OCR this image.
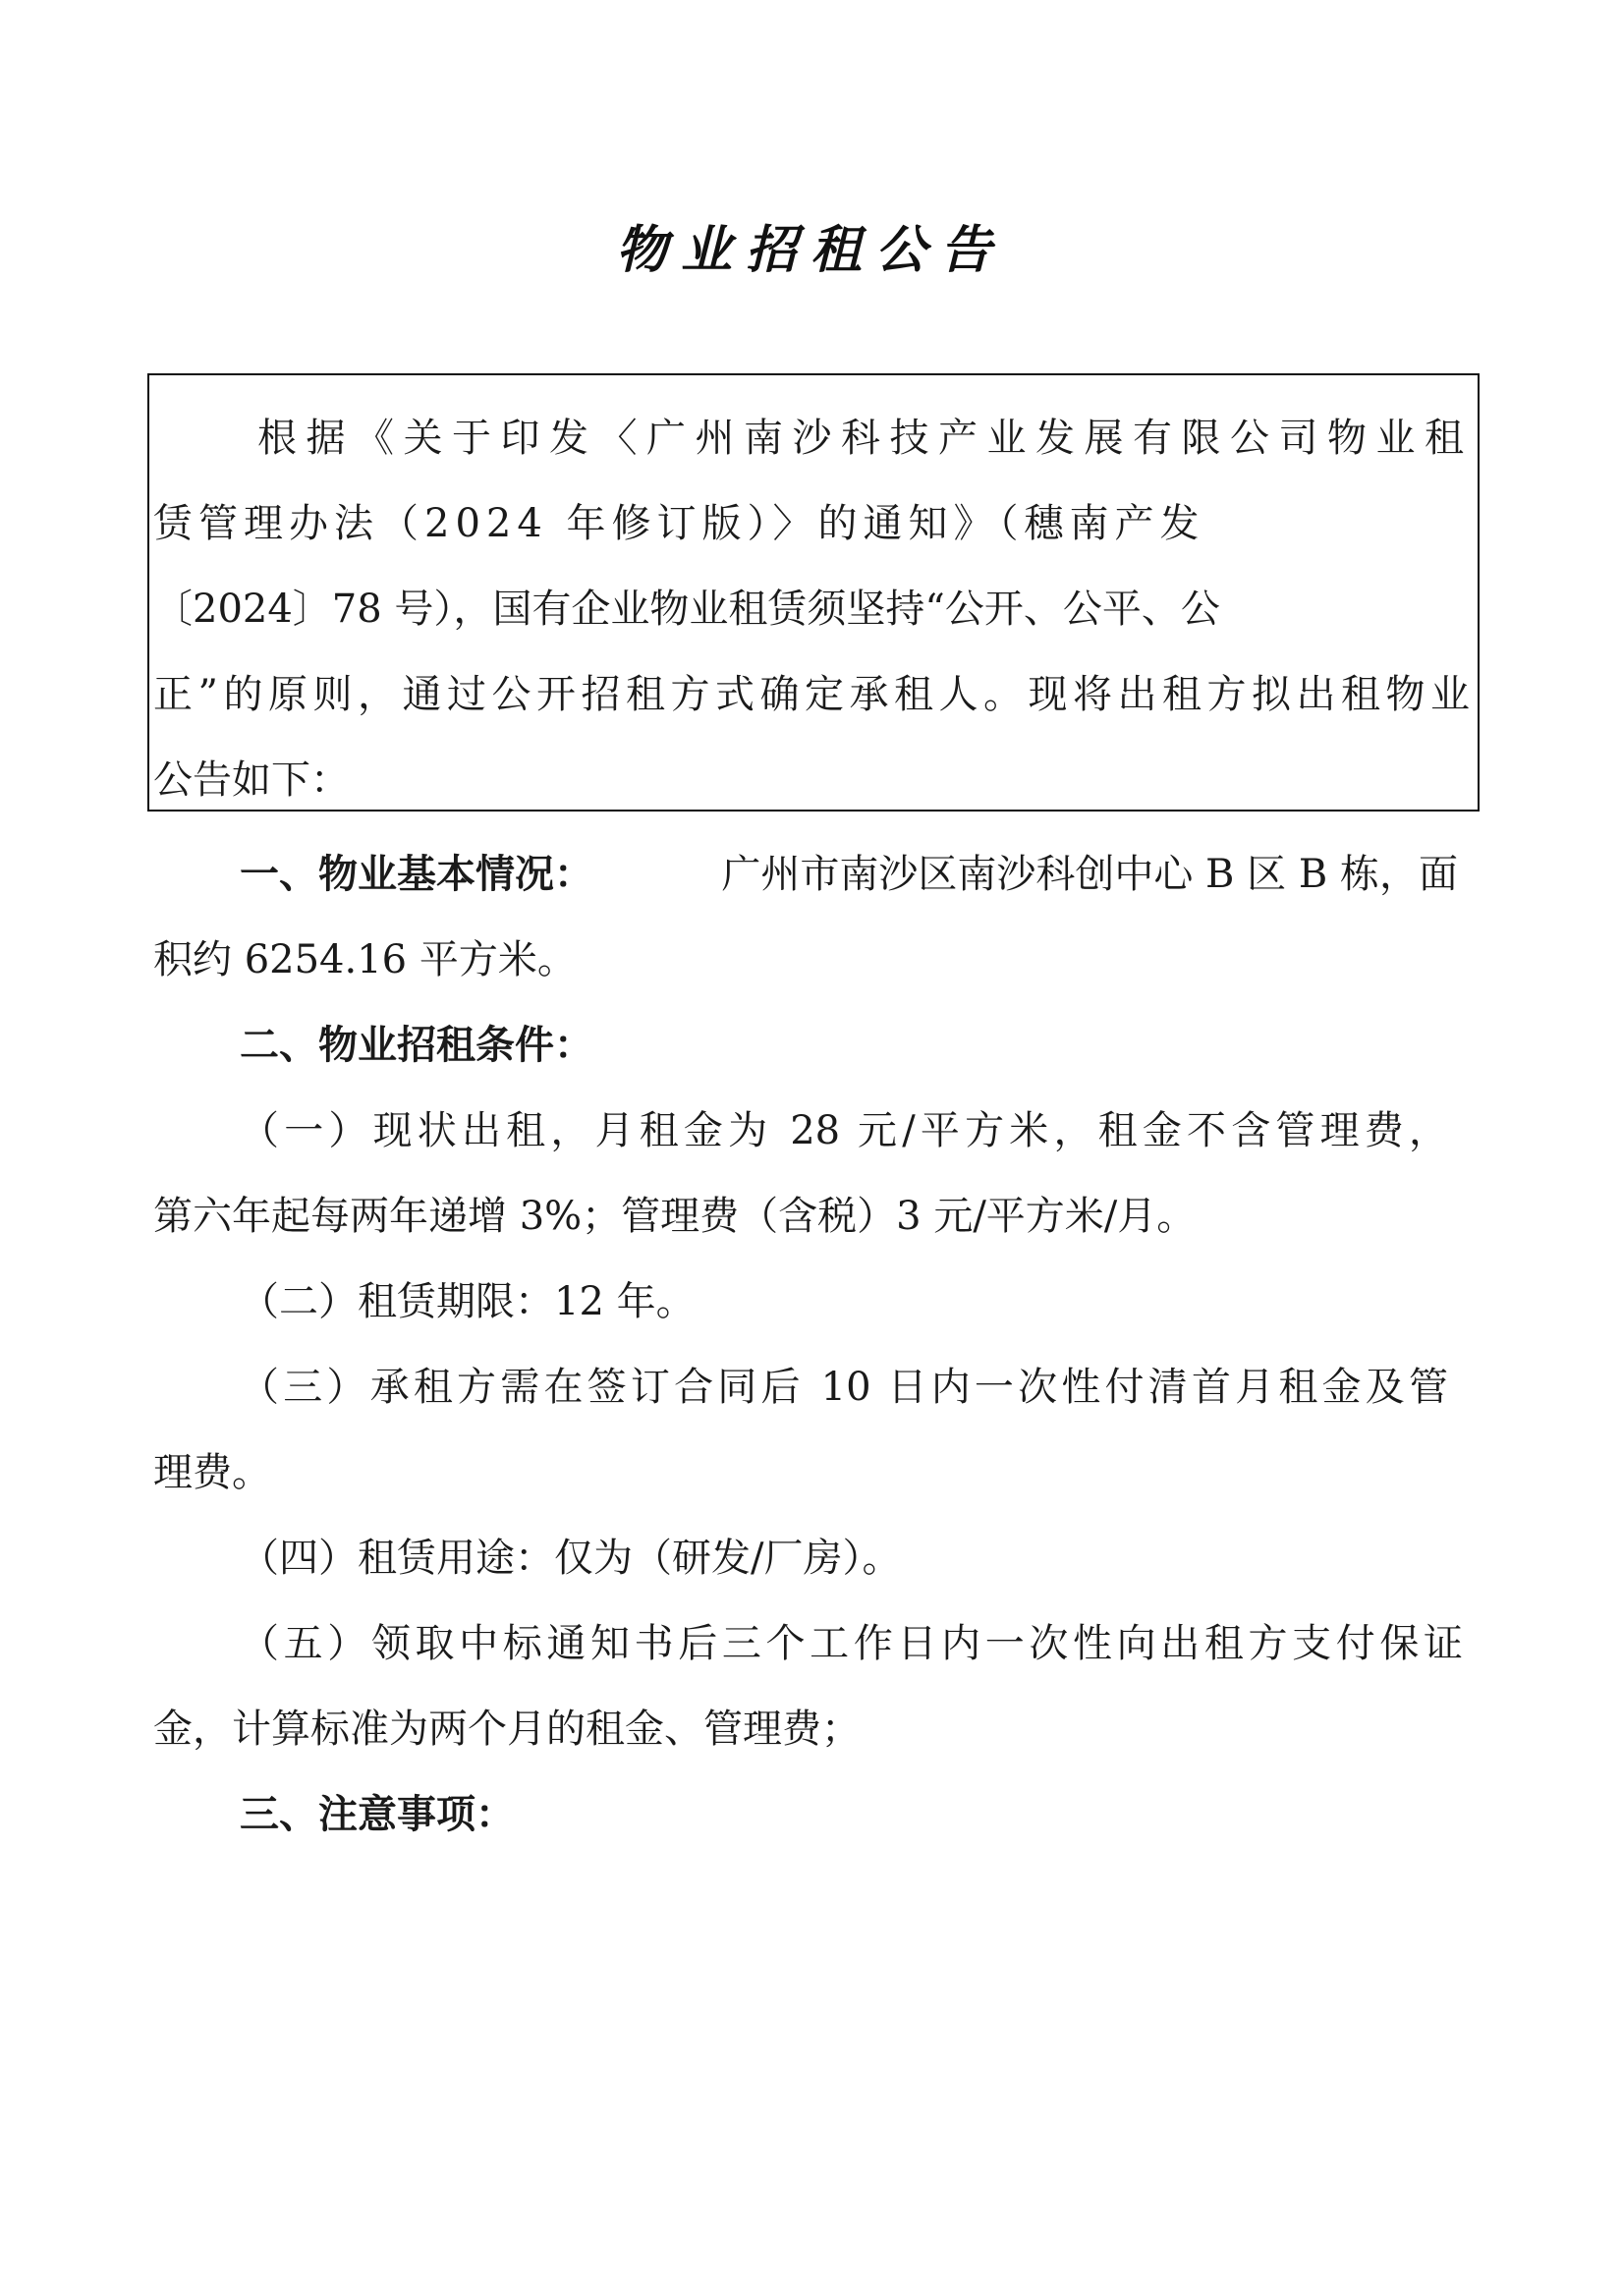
物业招租公告
根据《关于印发〈广州南沙科技产业发展有限公司物业租
赁管理办法（2024 年修订版）〉的通知》（穗南产发
〔2024〕78 号），国有企业物业租赁须坚持“公开、公平、公
正”的原则，通过公开招租方式确定承租人。现将出租方拟出租物业
公告如下：
一、物业基本情况：	广州市南沙区南沙科创中心 B 区 B 栋，面
积约 6254.16 平方米。
二、物业招租条件：
（一）现状出租，月租金为 28 元/平方米，租金不含管理费，
第六年起每两年递增 3%；管理费（含税）3 元/平方米/月。
（二）租赁期限：12 年。
（三）承租方需在签订合同后 10 日内一次性付清首月租金及管
理费。
（四）租赁用途：仅为（研发/厂房）。
（五）领取中标通知书后三个工作日内一次性向出租方支付保证
金，计算标准为两个月的租金、管理费；
三、注意事项：
